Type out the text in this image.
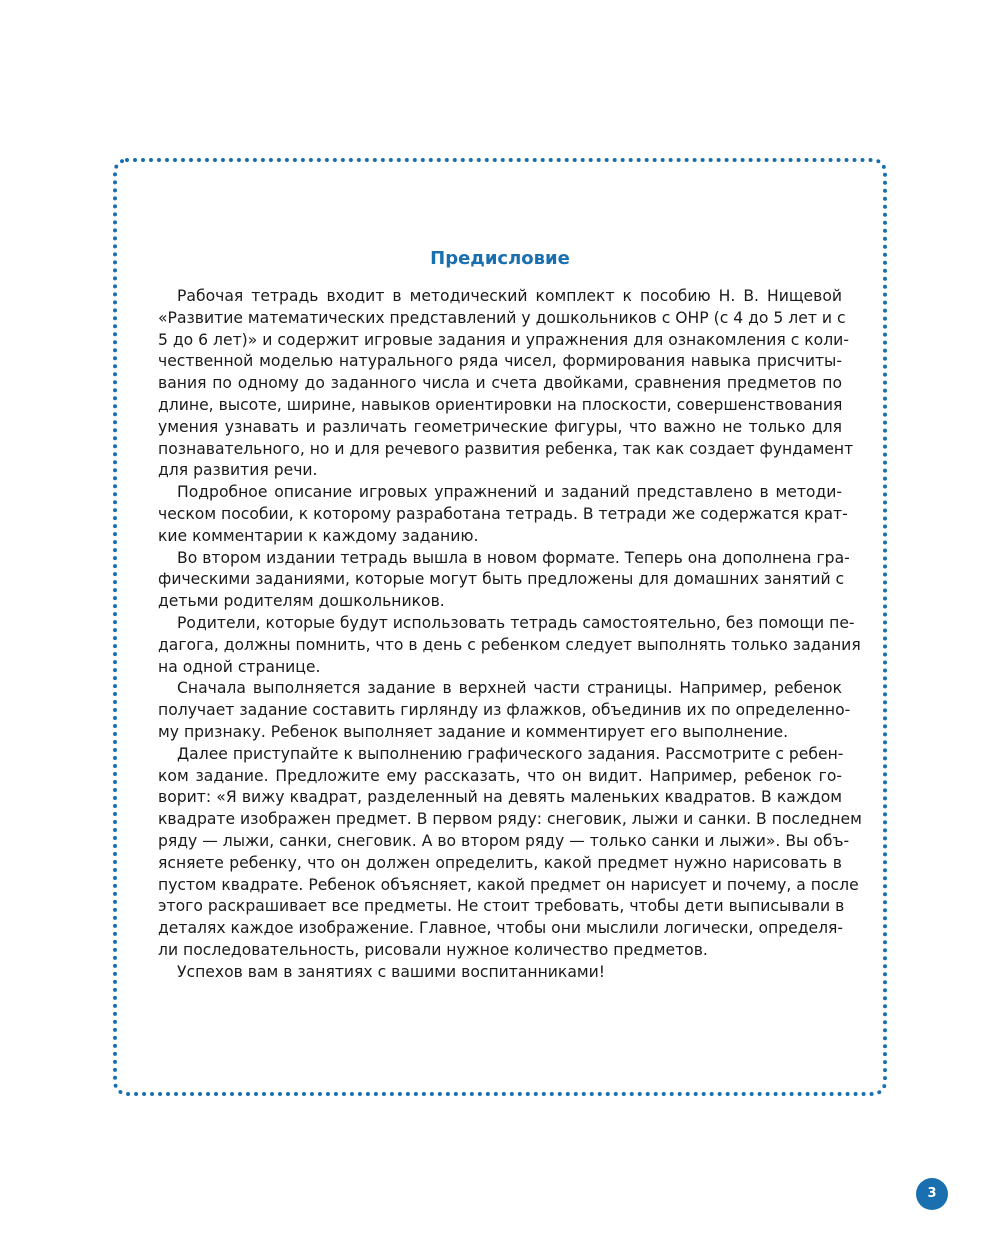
Предисловие
Рабочая тетрадь входит в методический комплект к пособию Н. В. Нищевой
«Развитие математических представлений у дошкольников с ОНР (с 4 до 5 лет и с
5 до 6 лет)» и содержит игровые задания и упражнения для ознакомления с коли-
чественной моделью натурального ряда чисел, формирования навыка присчиты-
вания по одному до заданного числа и счета двойками, сравнения предметов по
длине, высоте, ширине, навыков ориентировки на плоскости, совершенствования
умения узнавать и различать геометрические фигуры, что важно не только для
познавательного, но и для речевого развития ребенка, так как создает фундамент
для развития речи.
Подробное описание игровых упражнений и заданий представлено в методи-
ческом пособии, к которому разработана тетрадь. В тетради же содержатся крат-
кие комментарии к каждому заданию.
Во втором издании тетрадь вышла в новом формате. Теперь она дополнена гра-
фическими заданиями, которые могут быть предложены для домашних занятий с
детьми родителям дошкольников.
Родители, которые будут использовать тетрадь самостоятельно, без помощи пе-
дагога, должны помнить, что в день с ребенком следует выполнять только задания
на одной странице.
Сначала выполняется задание в верхней части страницы. Например, ребенок
получает задание составить гирлянду из флажков, объединив их по определенно-
му признаку. Ребенок выполняет задание и комментирует его выполнение.
Далее приступайте к выполнению графического задания. Рассмотрите с ребен-
ком задание. Предложите ему рассказать, что он видит. Например, ребенок го-
ворит: «Я вижу квадрат, разделенный на девять маленьких квадратов. В каждом
квадрате изображен предмет. В первом ряду: снеговик, лыжи и санки. В последнем
ряду — лыжи, санки, снеговик. А во втором ряду — только санки и лыжи». Вы объ-
ясняете ребенку, что он должен определить, какой предмет нужно нарисовать в
пустом квадрате. Ребенок объясняет, какой предмет он нарисует и почему, а после
этого раскрашивает все предметы. Не стоит требовать, чтобы дети выписывали в
деталях каждое изображение. Главное, чтобы они мыслили логически, определя-
ли последовательность, рисовали нужное количество предметов.
Успехов вам в занятиях с вашими воспитанниками!
3
